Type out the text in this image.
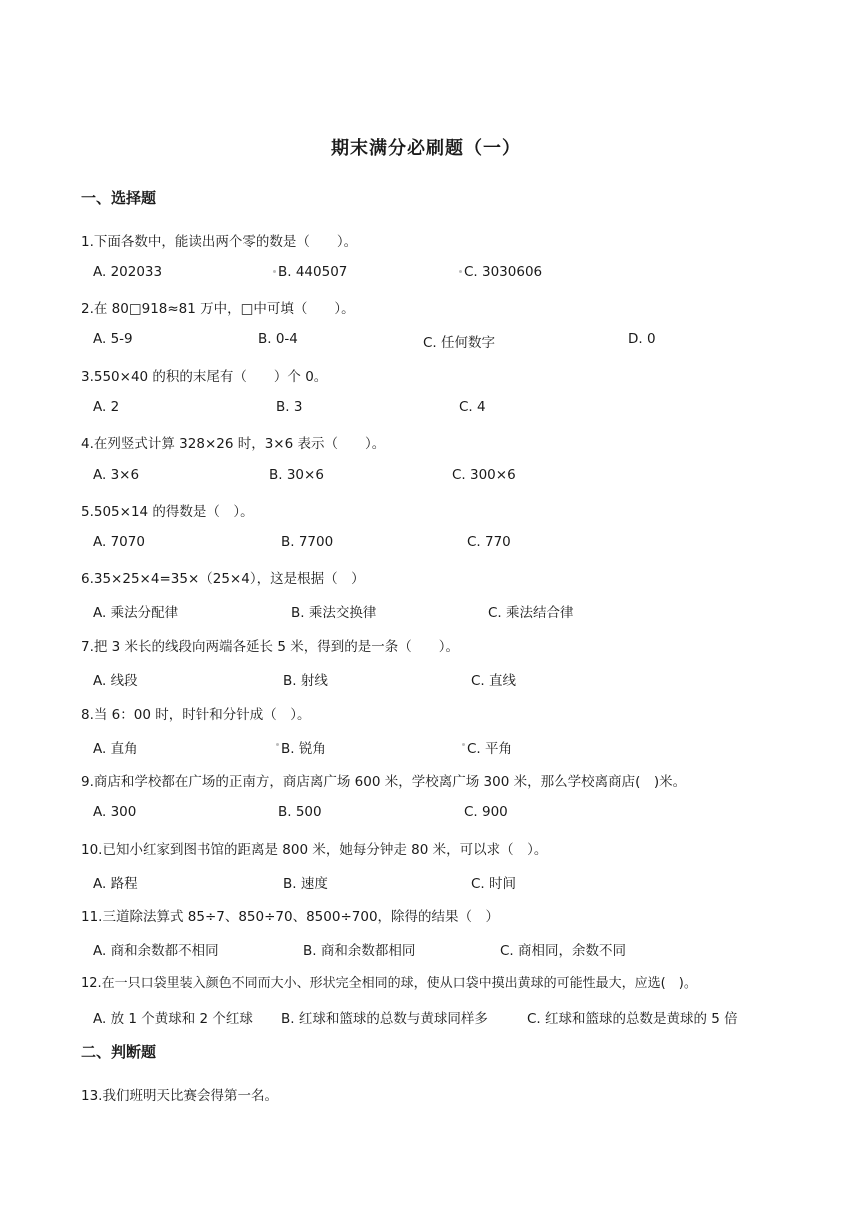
期末满分必刷题（一）
一、选择题
1.下面各数中，能读出两个零的数是（　　）。
A. 202033	B. 440507	C. 3030606
2.在 80□918≈81 万中，□中可填（　　）。
A. 5-9	B. 0-4	C. 任何数字	D. 0
3.550×40 的积的末尾有（　　）个 0。
A. 2	B. 3	C. 4
4.在列竖式计算 328×26 时，3×6 表示（　　）。
A. 3×6	B. 30×6	C. 300×6
5.505×14 的得数是（　）。
A. 7070	B. 7700	C. 770
6.35×25×4=35×（25×4），这是根据（　）
A. 乘法分配律	B. 乘法交换律	C. 乘法结合律
7.把 3 米长的线段向两端各延长 5 米，得到的是一条（　　）。
A. 线段	B. 射线	C. 直线
8.当 6：00 时，时针和分针成（　）。
A. 直角	B. 锐角	C. 平角
9.商店和学校都在广场的正南方，商店离广场 600 米，学校离广场 300 米，那么学校离商店(　)米。
A. 300	B. 500	C. 900
10.已知小红家到图书馆的距离是 800 米，她每分钟走 80 米，可以求（　）。
A. 路程	B. 速度	C. 时间
11.三道除法算式 85÷7、850÷70、8500÷700，除得的结果（　）
A. 商和余数都不相同	B. 商和余数都相同	C. 商相同，余数不同
12.在一只口袋里装入颜色不同而大小、形状完全相同的球，使从口袋中摸出黄球的可能性最大，应选(　)。
A. 放 1 个黄球和 2 个红球 B. 红球和篮球的总数与黄球同样多	C. 红球和篮球的总数是黄球的 5 倍
二、判断题
13.我们班明天比赛会得第一名。
